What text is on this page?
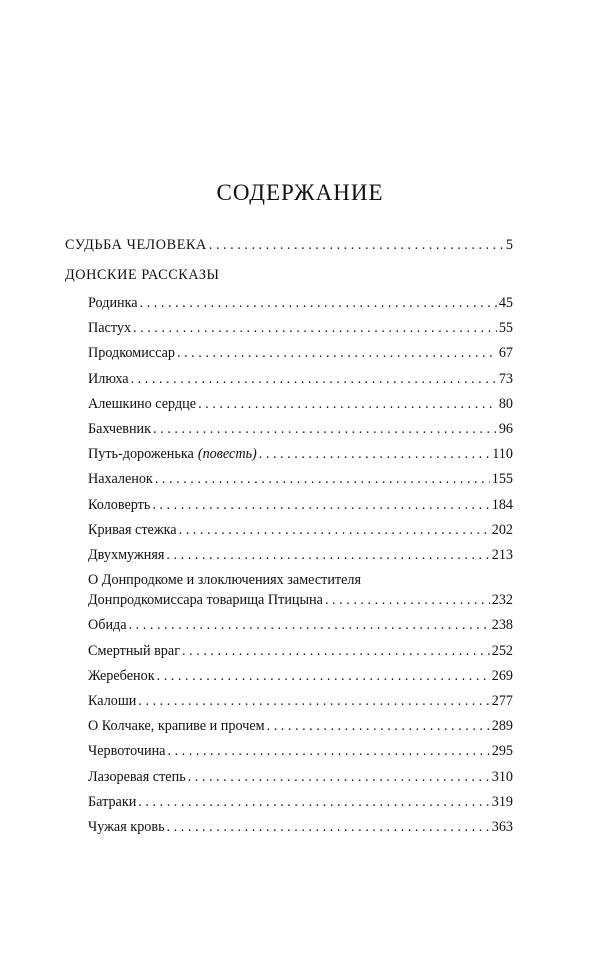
СОДЕРЖАНИЕ
СУДЬБА ЧЕЛОВЕКА . . .	5
ДОНСКИЕ РАССКАЗЫ
Родинка . . .	45
Пастух . . .	55
Продкомиссар . . .	67
Илюха . . .	73
Алешкино сердце . . .	80
Бахчевник . . .	96
Путь-дороженька (повесть) . . .	110
Нахаленок . . .	155
Коловерть . . .	184
Кривая стежка . . .	202
Двухмужняя . . .	213
О Донпродкоме и злоключениях заместителя
Донпродкомиссара товарища Птицына . . .	232
Обида . . .	238
Смертный враг . . .	252
Жеребенок . . .	269
Калоши . . .	277
О Колчаке, крапиве и прочем . . .	289
Червоточина . . .	295
Лазоревая степь . . .	310
Батраки . . .	319
Чужая кровь . . .	363
